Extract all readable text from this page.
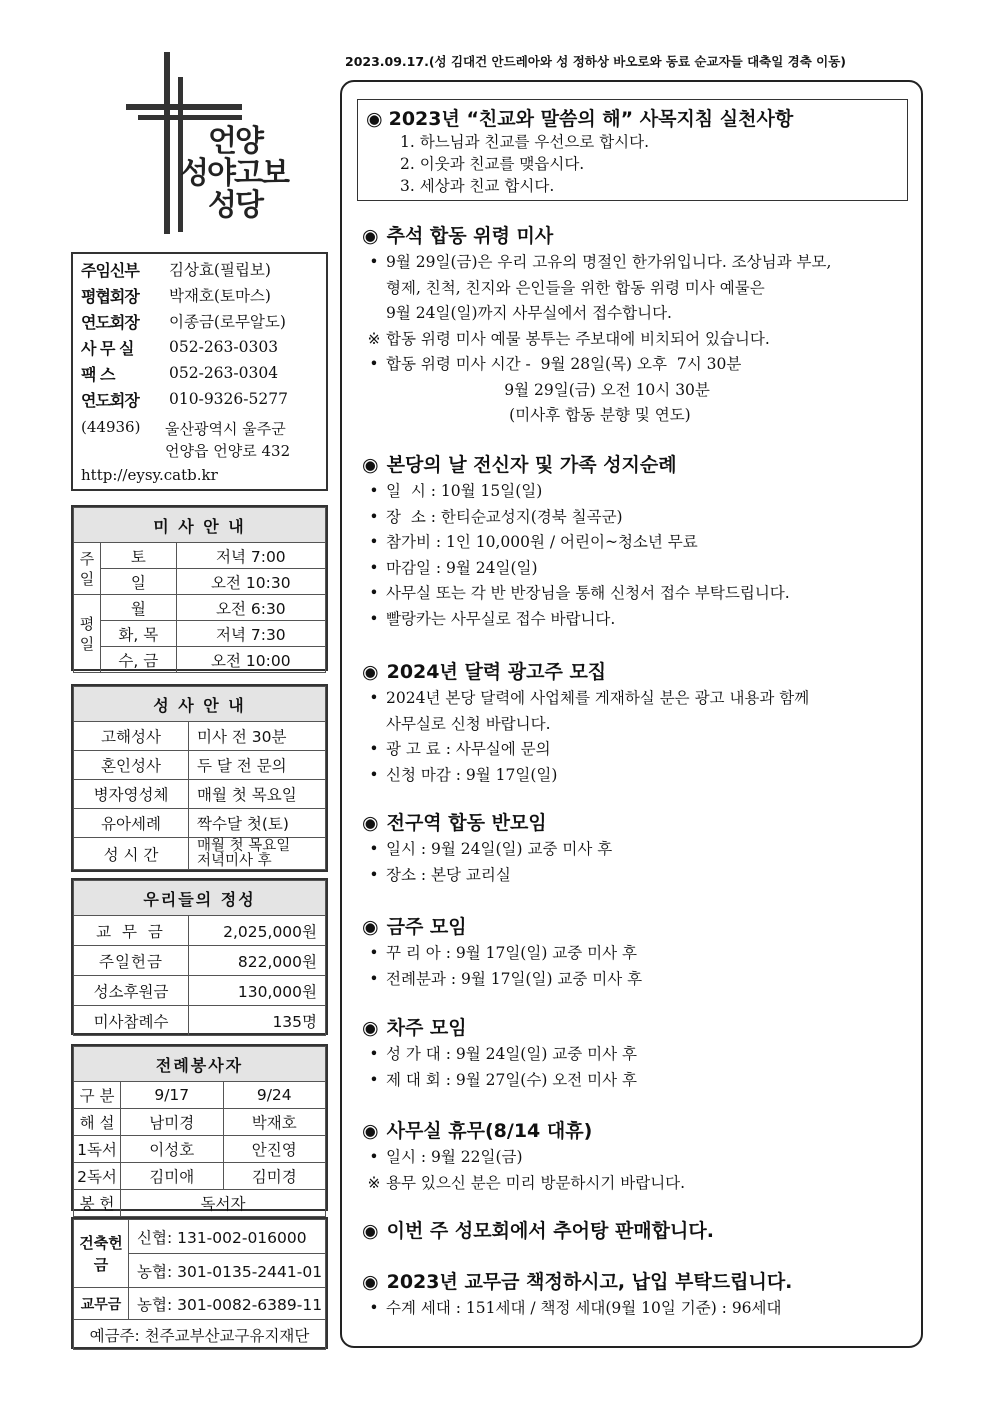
언양
성야고보
성당
2023.09.17.(성 김대건 안드레아와 성 정하상 바오로와 동료 순교자들 대축일 경축 이동)
주임신부	김상효(필립보)
평협회장	박재호(토마스)
연도회장	이종금(로무알도)
사 무 실	052-263-0303
팩 스	052-263-0304
연도회장	010-9326-5277
(44936) 울산광역시 울주군
언양읍 언양로 432
http://eysy.catb.kr
미 사 안 내		
주일	토	저녁 7:00
	일	오전 10:30
평일	월	오전 6:30
	화, 목	저녁 7:30
	수, 금	오전 10:00
성 사 안 내	
고해성사	미사 전 30분
혼인성사	두 달 전 문의
병자영성체	매월 첫 목요일
유아세례	짝수달 첫(토)
성 시 간	매월 첫 목요일
저녁미사 후
우리들의 정성	
교 무 금	2,025,000원
주일헌금	822,000원
성소후원금	130,000원
미사참례수	135명
전례봉사자		
구 분	9/17	9/24
해 설	남미경	박재호
1독서	이성호	안진영
2독서	김미애	김미경
봉 헌	독서자	
건축헌금	신협: 131-002-016000
	농협: 301-0135-2441-01
교무금	농협: 301-0082-6389-11
예금주: 천주교부산교구유지재단	
◉ 2023년 “친교와 말씀의 해” 사목지침 실천사항
1. 하느님과 친교를 우선으로 합시다.
2. 이웃과 친교를 맺읍시다.
3. 세상과 친교 합시다.
◉ 추석 합동 위령 미사
• 9월 29일(금)은 우리 고유의 명절인 한가위입니다. 조상님과 부모,
형제, 친척, 친지와 은인들을 위한 합동 위령 미사 예물은
9월 24일(일)까지 사무실에서 접수합니다.
※ 합동 위령 미사 예물 봉투는 주보대에 비치되어 있습니다.
• 합동 위령 미사 시간 -  9월 28일(목) 오후  7시 30분
9월 29일(금) 오전 10시 30분
(미사후 합동 분향 및 연도)
◉ 본당의 날 전신자 및 가족 성지순례
• 일  시 : 10월 15일(일)
• 장  소 : 한티순교성지(경북 칠곡군)
• 참가비 : 1인 10,000원 / 어린이~청소년 무료
• 마감일 : 9월 24일(일)
• 사무실 또는 각 반 반장님을 통해 신청서 접수 부탁드립니다.
• 빨랑카는 사무실로 접수 바랍니다.
◉ 2024년 달력 광고주 모집
• 2024년 본당 달력에 사업체를 게재하실 분은 광고 내용과 함께
사무실로 신청 바랍니다.
• 광 고 료 : 사무실에 문의
• 신청 마감 : 9월 17일(일)
◉ 전구역 합동 반모임
• 일시 : 9월 24일(일) 교중 미사 후
• 장소 : 본당 교리실
◉ 금주 모임
• 꾸 리 아 : 9월 17일(일) 교중 미사 후
• 전례분과 : 9월 17일(일) 교중 미사 후
◉ 차주 모임
• 성 가 대 : 9월 24일(일) 교중 미사 후
• 제 대 회 : 9월 27일(수) 오전 미사 후
◉ 사무실 휴무(8/14 대휴)
• 일시 : 9월 22일(금)
※ 용무 있으신 분은 미리 방문하시기 바랍니다.
◉ 이번 주 성모회에서 추어탕 판매합니다.
◉ 2023년 교무금 책정하시고, 납입 부탁드립니다.
• 수계 세대 : 151세대 / 책정 세대(9월 10일 기준) : 96세대
